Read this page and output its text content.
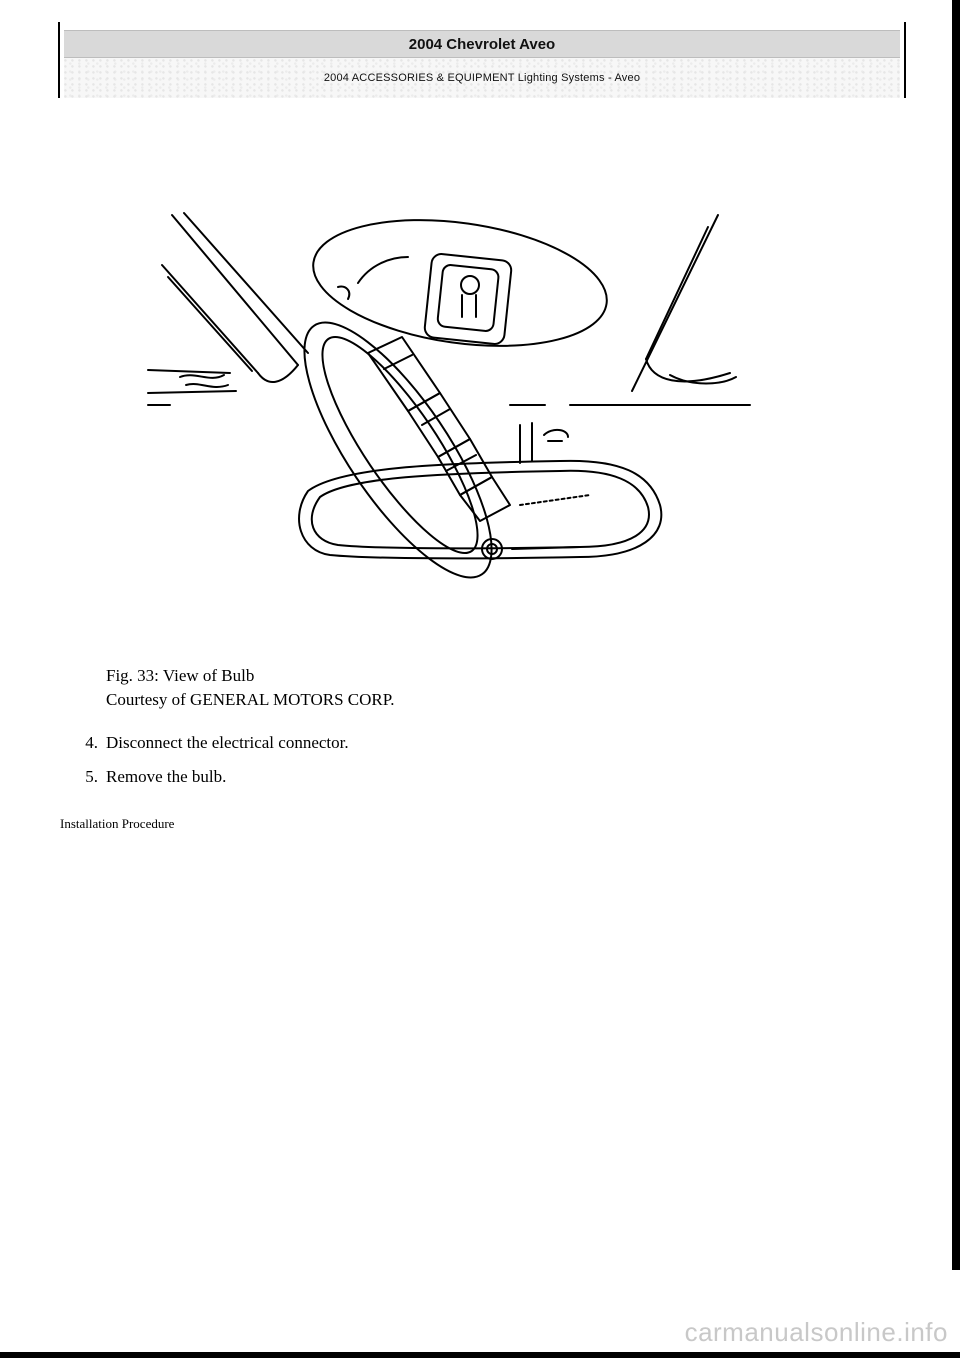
2004 Chevrolet Aveo
2004 ACCESSORIES & EQUIPMENT Lighting Systems - Aveo
Fig. 33: View of Bulb
Courtesy of GENERAL MOTORS CORP.
4. Disconnect the electrical connector.
5. Remove the bulb.
Installation Procedure
carmanualsonline.info
